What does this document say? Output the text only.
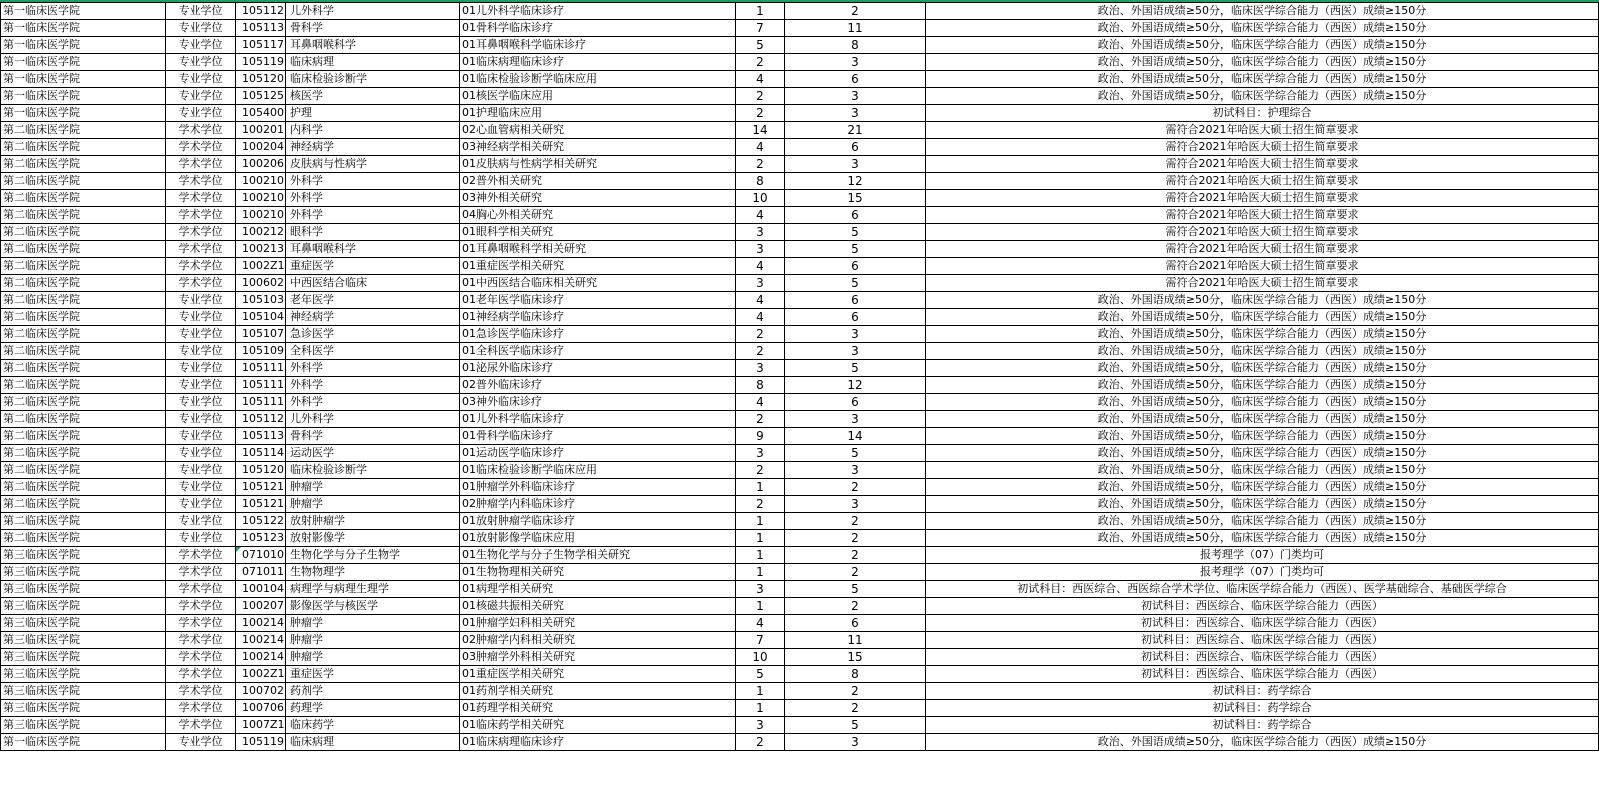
第一临床医学院	专业学位	105112	儿外科学	01儿外科学临床诊疗	1	2	政治、外国语成绩≥50分，临床医学综合能力（西医）成绩≥150分
第一临床医学院	专业学位	105113	骨科学	01骨科学临床诊疗	7	11	政治、外国语成绩≥50分，临床医学综合能力（西医）成绩≥150分
第一临床医学院	专业学位	105117	耳鼻咽喉科学	01耳鼻咽喉科学临床诊疗	5	8	政治、外国语成绩≥50分，临床医学综合能力（西医）成绩≥150分
第一临床医学院	专业学位	105119	临床病理	01临床病理临床诊疗	2	3	政治、外国语成绩≥50分，临床医学综合能力（西医）成绩≥150分
第一临床医学院	专业学位	105120	临床检验诊断学	01临床检验诊断学临床应用	4	6	政治、外国语成绩≥50分，临床医学综合能力（西医）成绩≥150分
第一临床医学院	专业学位	105125	核医学	01核医学临床应用	2	3	政治、外国语成绩≥50分，临床医学综合能力（西医）成绩≥150分
第一临床医学院	专业学位	105400	护理	01护理临床应用	2	3	初试科目：护理综合
第二临床医学院	学术学位	100201	内科学	02心血管病相关研究	14	21	需符合2021年哈医大硕士招生简章要求
第二临床医学院	学术学位	100204	神经病学	03神经病学相关研究	4	6	需符合2021年哈医大硕士招生简章要求
第二临床医学院	学术学位	100206	皮肤病与性病学	01皮肤病与性病学相关研究	2	3	需符合2021年哈医大硕士招生简章要求
第二临床医学院	学术学位	100210	外科学	02普外相关研究	8	12	需符合2021年哈医大硕士招生简章要求
第二临床医学院	学术学位	100210	外科学	03神外相关研究	10	15	需符合2021年哈医大硕士招生简章要求
第二临床医学院	学术学位	100210	外科学	04胸心外相关研究	4	6	需符合2021年哈医大硕士招生简章要求
第二临床医学院	学术学位	100212	眼科学	01眼科学相关研究	3	5	需符合2021年哈医大硕士招生简章要求
第二临床医学院	学术学位	100213	耳鼻咽喉科学	01耳鼻咽喉科学相关研究	3	5	需符合2021年哈医大硕士招生简章要求
第二临床医学院	学术学位	1002Z1	重症医学	01重症医学相关研究	4	6	需符合2021年哈医大硕士招生简章要求
第二临床医学院	学术学位	100602	中西医结合临床	01中西医结合临床相关研究	3	5	需符合2021年哈医大硕士招生简章要求
第二临床医学院	专业学位	105103	老年医学	01老年医学临床诊疗	4	6	政治、外国语成绩≥50分，临床医学综合能力（西医）成绩≥150分
第二临床医学院	专业学位	105104	神经病学	01神经病学临床诊疗	4	6	政治、外国语成绩≥50分，临床医学综合能力（西医）成绩≥150分
第二临床医学院	专业学位	105107	急诊医学	01急诊医学临床诊疗	2	3	政治、外国语成绩≥50分，临床医学综合能力（西医）成绩≥150分
第二临床医学院	专业学位	105109	全科医学	01全科医学临床诊疗	2	3	政治、外国语成绩≥50分，临床医学综合能力（西医）成绩≥150分
第二临床医学院	专业学位	105111	外科学	01泌尿外临床诊疗	3	5	政治、外国语成绩≥50分，临床医学综合能力（西医）成绩≥150分
第二临床医学院	专业学位	105111	外科学	02普外临床诊疗	8	12	政治、外国语成绩≥50分，临床医学综合能力（西医）成绩≥150分
第二临床医学院	专业学位	105111	外科学	03神外临床诊疗	4	6	政治、外国语成绩≥50分，临床医学综合能力（西医）成绩≥150分
第二临床医学院	专业学位	105112	儿外科学	01儿外科学临床诊疗	2	3	政治、外国语成绩≥50分，临床医学综合能力（西医）成绩≥150分
第二临床医学院	专业学位	105113	骨科学	01骨科学临床诊疗	9	14	政治、外国语成绩≥50分，临床医学综合能力（西医）成绩≥150分
第二临床医学院	专业学位	105114	运动医学	01运动医学临床诊疗	3	5	政治、外国语成绩≥50分，临床医学综合能力（西医）成绩≥150分
第二临床医学院	专业学位	105120	临床检验诊断学	01临床检验诊断学临床应用	2	3	政治、外国语成绩≥50分，临床医学综合能力（西医）成绩≥150分
第二临床医学院	专业学位	105121	肿瘤学	01肿瘤学外科临床诊疗	1	2	政治、外国语成绩≥50分，临床医学综合能力（西医）成绩≥150分
第二临床医学院	专业学位	105121	肿瘤学	02肿瘤学内科临床诊疗	2	3	政治、外国语成绩≥50分，临床医学综合能力（西医）成绩≥150分
第二临床医学院	专业学位	105122	放射肿瘤学	01放射肿瘤学临床诊疗	1	2	政治、外国语成绩≥50分，临床医学综合能力（西医）成绩≥150分
第二临床医学院	专业学位	105123	放射影像学	01放射影像学临床应用	1	2	政治、外国语成绩≥50分，临床医学综合能力（西医）成绩≥150分
第三临床医学院	学术学位	071010	生物化学与分子生物学	01生物化学与分子生物学相关研究	1	2	报考理学（07）门类均可
第三临床医学院	学术学位	071011	生物物理学	01生物物理相关研究	1	2	报考理学（07）门类均可
第三临床医学院	学术学位	100104	病理学与病理生理学	01病理学相关研究	3	5	初试科目：西医综合、西医综合学术学位、临床医学综合能力（西医）、医学基础综合、基础医学综合
第三临床医学院	学术学位	100207	影像医学与核医学	01核磁共振相关研究	1	2	初试科目：西医综合、临床医学综合能力（西医）
第三临床医学院	学术学位	100214	肿瘤学	01肿瘤学妇科相关研究	4	6	初试科目：西医综合、临床医学综合能力（西医）
第三临床医学院	学术学位	100214	肿瘤学	02肿瘤学内科相关研究	7	11	初试科目：西医综合、临床医学综合能力（西医）
第三临床医学院	学术学位	100214	肿瘤学	03肿瘤学外科相关研究	10	15	初试科目：西医综合、临床医学综合能力（西医）
第三临床医学院	学术学位	1002Z1	重症医学	01重症医学相关研究	5	8	初试科目：西医综合、临床医学综合能力（西医）
第三临床医学院	学术学位	100702	药剂学	01药剂学相关研究	1	2	初试科目：药学综合
第三临床医学院	学术学位	100706	药理学	01药理学相关研究	1	2	初试科目：药学综合
第三临床医学院	学术学位	1007Z1	临床药学	01临床药学相关研究	3	5	初试科目：药学综合
第一临床医学院	专业学位	105119	临床病理	01临床病理临床诊疗	2	3	政治、外国语成绩≥50分，临床医学综合能力（西医）成绩≥150分
